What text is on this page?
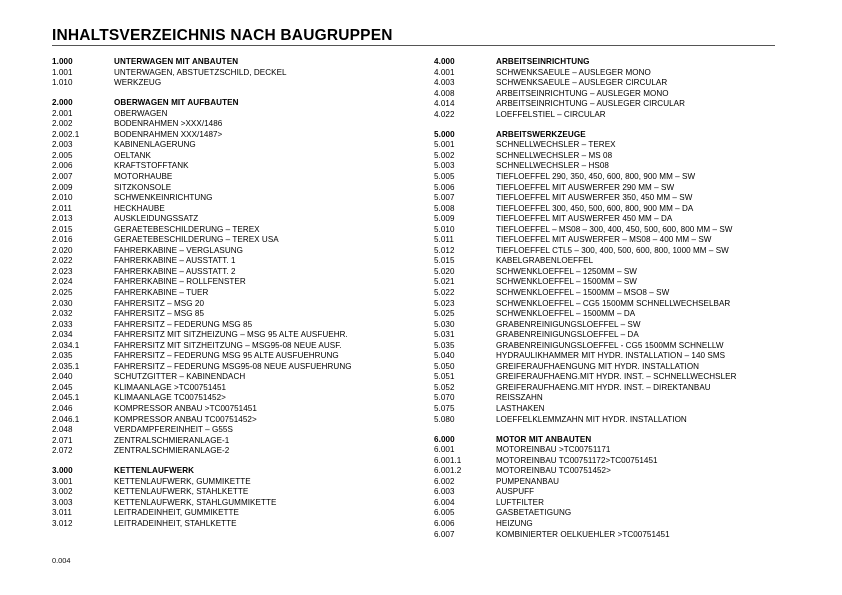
INHALTSVERZEICHNIS NACH BAUGRUPPEN
1.000	UNTERWAGEN MIT ANBAUTEN
1.001	UNTERWAGEN, ABSTUETZSCHILD, DECKEL
1.010	WERKZEUG
2.000	OBERWAGEN MIT AUFBAUTEN
2.001	OBERWAGEN
2.002	BODENRAHMEN >XXX/1486
2.002.1	BODENRAHMEN XXX/1487>
2.003	KABINENLAGERUNG
2.005	OELTANK
2.006	KRAFTSTOFFTANK
2.007	MOTORHAUBE
2.009	SITZKONSOLE
2.010	SCHWENKEINRICHTUNG
2.011	HECKHAUBE
2.013	AUSKLEIDUNGSSATZ
2.015	GERAETEBESCHILDERUNG – TEREX
2.016	GERAETEBESCHILDERUNG – TEREX USA
2.020	FAHRERKABINE – VERGLASUNG
2.022	FAHRERKABINE – AUSSTATT. 1
2.023	FAHRERKABINE – AUSSTATT. 2
2.024	FAHRERKABINE – ROLLFENSTER
2.025	FAHRERKABINE – TUER
2.030	FAHRERSITZ – MSG 20
2.032	FAHRERSITZ – MSG 85
2.033	FAHRERSITZ – FEDERUNG MSG 85
2.034	FAHRERSITZ MIT SITZHEIZUNG – MSG 95 ALTE AUSFUEHR.
2.034.1	FAHRERSITZ MIT SITZHEITZUNG – MSG95-08 NEUE AUSF.
2.035	FAHRERSITZ – FEDERUNG MSG 95 ALTE AUSFUEHRUNG
2.035.1	FAHRERSITZ – FEDERUNG MSG95-08 NEUE AUSFUEHRUNG
2.040	SCHUTZGITTER – KABINENDACH
2.045	KLIMAANLAGE >TC00751451
2.045.1	KLIMAANLAGE TC00751452>
2.046	KOMPRESSOR ANBAU >TC00751451
2.046.1	KOMPRESSOR ANBAU TC00751452>
2.048	VERDAMPFEREINHEIT – G55S
2.071	ZENTRALSCHMIERANLAGE-1
2.072	ZENTRALSCHMIERANLAGE-2
3.000	KETTENLAUFWERK
3.001	KETTENLAUFWERK, GUMMIKETTE
3.002	KETTENLAUFWERK, STAHLKETTE
3.003	KETTENLAUFWERK, STAHLGUMMIKETTE
3.011	LEITRADEINHEIT, GUMMIKETTE
3.012	LEITRADEINHEIT, STAHLKETTE
4.000	ARBEITSEINRICHTUNG
4.001	SCHWENKSAEULE – AUSLEGER MONO
4.003	SCHWENKSAEULE – AUSLEGER CIRCULAR
4.008	ARBEITSEINRICHTUNG – AUSLEGER MONO
4.014	ARBEITSEINRICHTUNG – AUSLEGER CIRCULAR
4.022	LOEFFELSTIEL – CIRCULAR
5.000	ARBEITSWERKZEUGE
5.001	SCHNELLWECHSLER – TEREX
5.002	SCHNELLWECHSLER – MS 08
5.003	SCHNELLWECHSLER – HS08
5.005	TIEFLOEFFEL 290, 350, 450, 600, 800, 900 MM – SW
5.006	TIEFLOEFFEL MIT AUSWERFER 290 MM – SW
5.007	TIEFLOEFFEL MIT AUSWERFER 350, 450 MM – SW
5.008	TIEFLOEFFEL 300, 450, 500, 600, 800, 900 MM – DA
5.009	TIEFLOEFFEL MIT AUSWERFER 450 MM – DA
5.010	TIEFLOEFFEL – MS08 – 300, 400, 450, 500, 600, 800 MM – SW
5.011	TIEFLOEFFEL MIT AUSWERFER – MS08 – 400 MM – SW
5.012	TIEFLOEFFEL CTL5 – 300, 400, 500, 600, 800, 1000 MM – SW
5.015	KABELGRABENLOEFFEL
5.020	SCHWENKLOEFFEL – 1250MM – SW
5.021	SCHWENKLOEFFEL – 1500MM – SW
5.022	SCHWENKLOEFFEL – 1500MM – MSO8 – SW
5.023	SCHWENKLOEFFEL – CG5 1500MM SCHNELLWECHSELBAR
5.025	SCHWENKLOEFFEL – 1500MM – DA
5.030	GRABENREINIGUNGSLOEFFEL – SW
5.031	GRABENREINIGUNGSLOEFFEL – DA
5.035	GRABENREINIGUNGSLOEFFEL - CG5 1500MM SCHNELLW
5.040	HYDRAULIKHAMMER MIT HYDR. INSTALLATION – 140 SMS
5.050	GREIFERAUFHAENGUNG MIT HYDR. INSTALLATION
5.051	GREIFERAUFHAENG.MIT HYDR. INST. – SCHNELLWECHSLER
5.052	GREIFERAUFHAENG.MIT HYDR. INST. – DIREKTANBAU
5.070	REISSZAHN
5.075	LASTHAKEN
5.080	LOEFFELKLEMMZAHN MIT HYDR. INSTALLATION
6.000	MOTOR MIT ANBAUTEN
6.001	MOTOREINBAU >TC00751171
6.001.1	MOTOREINBAU TC00751172>TC00751451
6.001.2	MOTOREINBAU TC00751452>
6.002	PUMPENANBAU
6.003	AUSPUFF
6.004	LUFTFILTER
6.005	GASBETAETIGUNG
6.006	HEIZUNG
6.007	KOMBINIERTER OELKUEHLER >TC00751451
0.004
